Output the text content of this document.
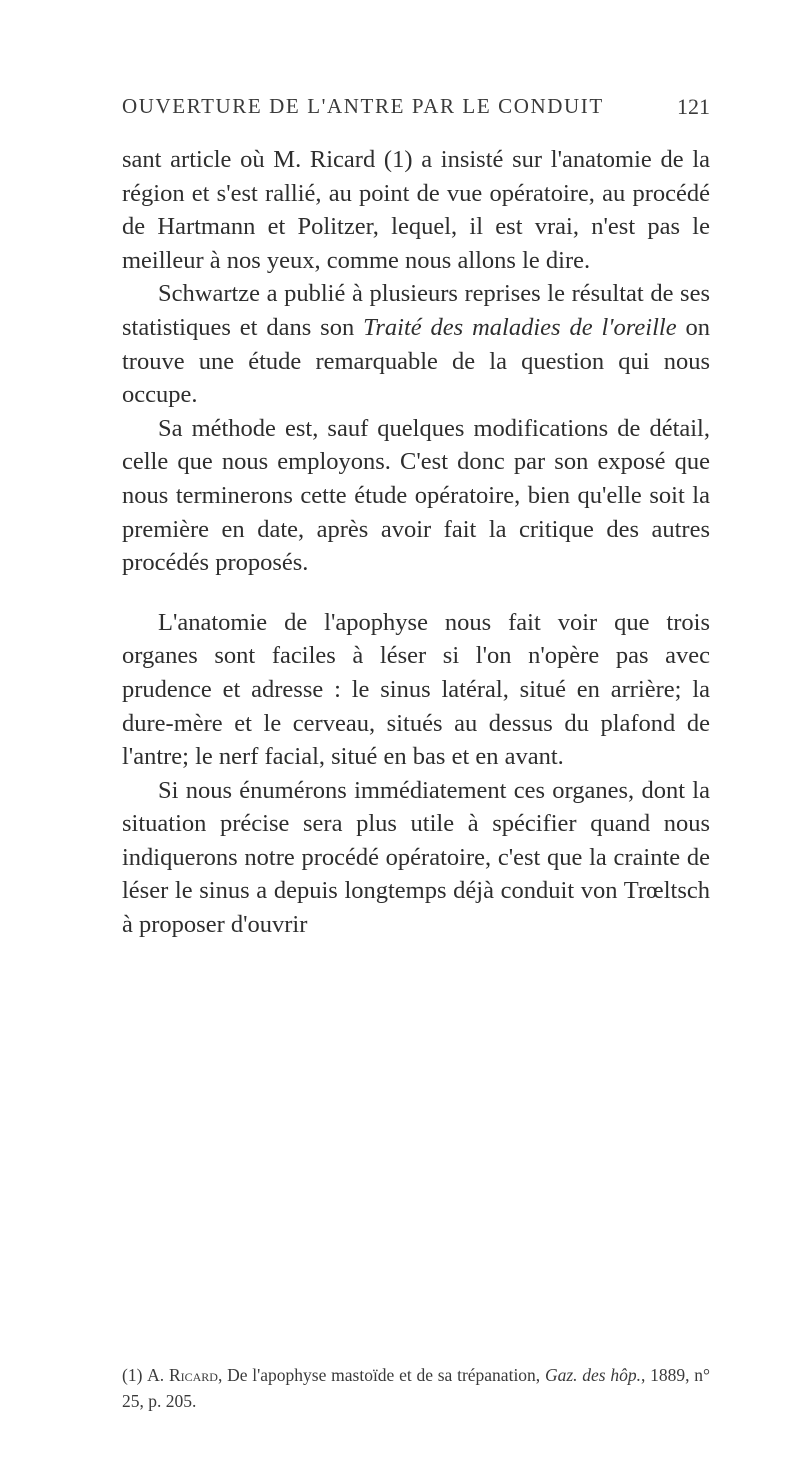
OUVERTURE DE L'ANTRE PAR LE CONDUIT	121

sant article où M. Ricard (1) a insisté sur l'anatomie de la région et s'est rallié, au point de vue opératoire, au procédé de Hartmann et Politzer, lequel, il est vrai, n'est pas le meilleur à nos yeux, comme nous allons le dire.

Schwartze a publié à plusieurs reprises le résultat de ses statistiques et dans son Traité des maladies de l'oreille on trouve une étude remarquable de la question qui nous occupe.

Sa méthode est, sauf quelques modifications de détail, celle que nous employons. C'est donc par son exposé que nous terminerons cette étude opératoire, bien qu'elle soit la première en date, après avoir fait la critique des autres procédés proposés.

L'anatomie de l'apophyse nous fait voir que trois organes sont faciles à léser si l'on n'opère pas avec prudence et adresse : le sinus latéral, situé en arrière; la dure-mère et le cerveau, situés au dessus du plafond de l'antre; le nerf facial, situé en bas et en avant.

Si nous énumérons immédiatement ces organes, dont la situation précise sera plus utile à spécifier quand nous indiquerons notre procédé opératoire, c'est que la crainte de léser le sinus a depuis longtemps déjà conduit von Trœltsch à proposer d'ouvrir

(1) A. Ricard, De l'apophyse mastoïde et de sa trépanation, Gaz. des hôp., 1889, n° 25, p. 205.
